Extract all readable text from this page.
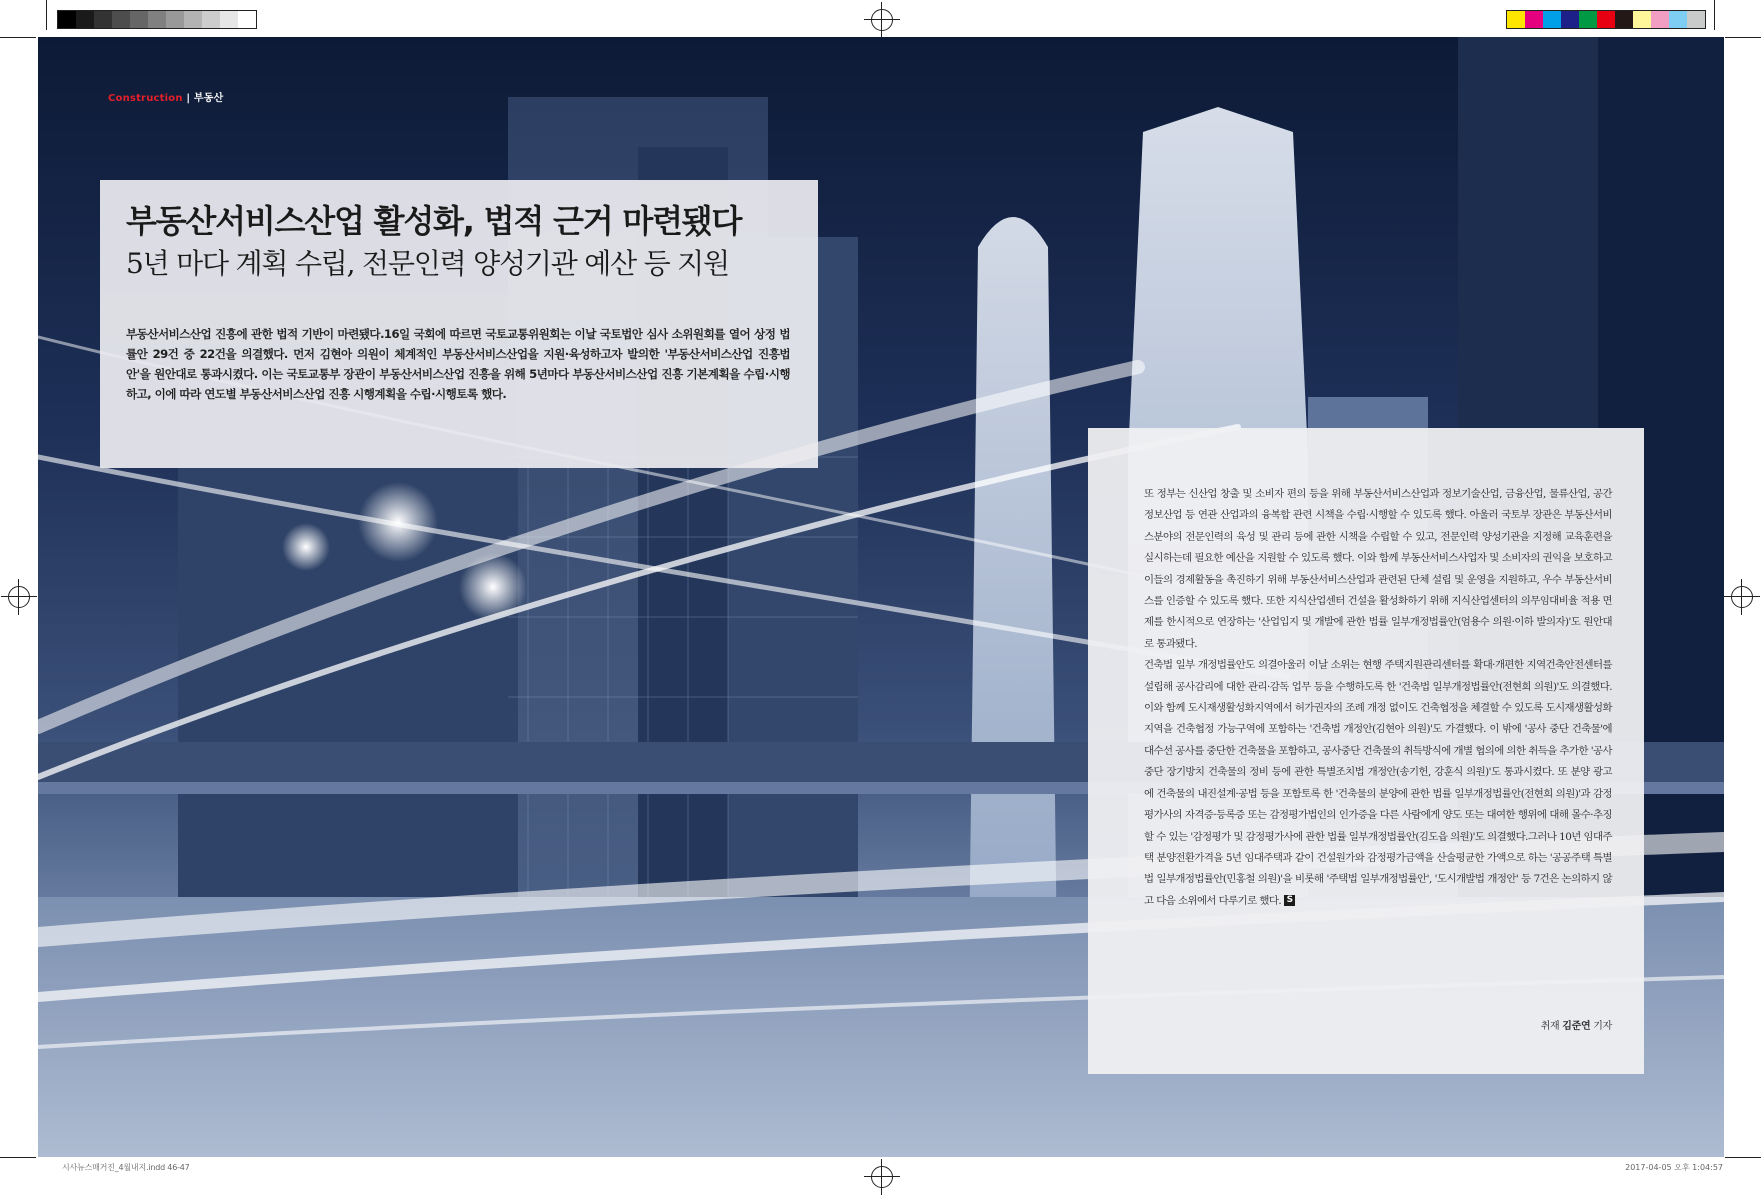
Construction | 부동산
부동산서비스산업 활성화, 법적 근거 마련됐다
5년 마다 계획 수립, 전문인력 양성기관 예산 등 지원
부동산서비스산업 진흥에 관한 법적 기반이 마련됐다.16일 국회에 따르면 국토교통위원회는 이날 국토법안 심사 소위원회를 열어 상정 법률안 29건 중 22건을 의결했다. 먼저 김현아 의원이 체계적인 부동산서비스산업을 지원·육성하고자 발의한 '부동산서비스산업 진흥법안'을 원안대로 통과시켰다. 이는 국토교통부 장관이 부동산서비스산업 진흥을 위해 5년마다 부동산서비스산업 진흥 기본계획을 수립·시행하고, 이에 따라 연도별 부동산서비스산업 진흥 시행계획을 수립·시행토록 했다.

또 정부는 신산업 창출 및 소비자 편의 등을 위해 부동산서비스산업과 정보기술산업, 금융산업, 물류산업, 공간정보산업 등 연관 산업과의 융복합 관련 시책을 수립·시행할 수 있도록 했다. 아울러 국토부 장관은 부동산서비스분야의 전문인력의 육성 및 관리 등에 관한 시책을 수립할 수 있고, 전문인력 양성기관을 지정해 교육훈련을 실시하는데 필요한 예산을 지원할 수 있도록 했다. 이와 함께 부동산서비스사업자 및 소비자의 권익을 보호하고 이들의 경제활동을 촉진하기 위해 부동산서비스산업과 관련된 단체 설립 및 운영을 지원하고, 우수 부동산서비스를 인증할 수 있도록 했다. 또한 지식산업센터 건설을 활성화하기 위해 지식산업센터의 의무임대비율 적용 면제를 한시적으로 연장하는 '산업입지 및 개발에 관한 법률 일부개정법률안(엄용수 의원·이하 발의자)'도 원안대로 통과됐다.

건축법 일부 개정법률안도 의결아울러 이날 소위는 현행 주택지원관리센터를 확대·개편한 지역건축안전센터를 설립해 공사감리에 대한 관리·감독 업무 등을 수행하도록 한 '건축법 일부개정법률안(전현희 의원)'도 의결했다. 이와 함께 도시재생활성화지역에서 허가권자의 조례 개정 없이도 건축협정을 체결할 수 있도록 도시재생활성화지역을 건축협정 가능구역에 포함하는 '건축법 개정안(김현아 의원)'도 가결했다. 이 밖에 '공사 중단 건축물'에 대수선 공사를 중단한 건축물을 포함하고, 공사중단 건축물의 취득방식에 개별 협의에 의한 취득을 추가한 '공사중단 장기방치 건축물의 정비 등에 관한 특별조치법 개정안(송기헌, 강훈식 의원)'도 통과시켰다. 또 분양 광고에 건축물의 내진설계·공법 등을 포함토록 한 '건축물의 분양에 관한 법률 일부개정법률안(전현희 의원)'과 감정평가사의 자격증·등록증 또는 감정평가법인의 인가증을 다른 사람에게 양도 또는 대여한 행위에 대해 몰수·추징할 수 있는 '감정평가 및 감정평가사에 관한 법률 일부개정법률안(김도읍 의원)'도 의결했다.그러나 10년 임대주택 분양전환가격을 5년 임대주택과 같이 건설원가와 감정평가금액을 산술평균한 가액으로 하는 '공공주택 특별법 일부개정법률안(민홍철 의원)'을 비롯해 '주택법 일부개정법률안', '도시개발법 개정안' 등 7건은 논의하지 않고 다음 소위에서 다루기로 했다. S

취재 김준연 기자
시사뉴스매거진_4월내지.indd 46-47	2017-04-05 오후 1:04:57
